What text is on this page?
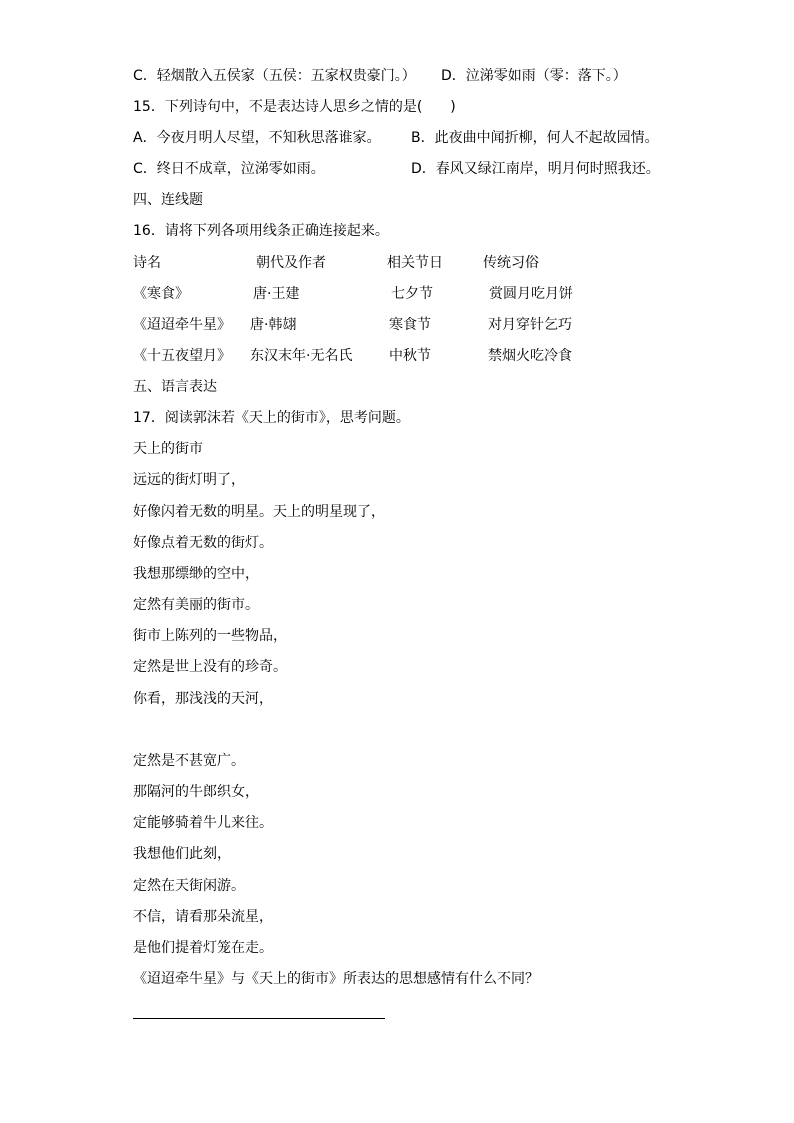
C．轻烟散入五侯家（五侯：五家权贵豪门。） D．泣涕零如雨（零：落下。）
15．下列诗句中，不是表达诗人思乡之情的是(　　)
A．今夜月明人尽望，不知秋思落谁家。 B．此夜曲中闻折柳，何人不起故园情。
C．终日不成章，泣涕零如雨。	D．春风又绿江南岸，明月何时照我还。
四、连线题
16．请将下列各项用线条正确连接起来。
诗名	朝代及作者	相关节日	传统习俗
《寒食》	唐·王建	七夕节	赏圆月吃月饼
《迢迢牵牛星》 唐·韩翃	寒食节	对月穿针乞巧
《十五夜望月》 东汉末年·无名氏	中秋节	禁烟火吃冷食
五、语言表达
17．阅读郭沫若《天上的街市》，思考问题。
天上的街市
远远的街灯明了，
好像闪着无数的明星。天上的明星现了，
好像点着无数的街灯。
我想那缥缈的空中，
定然有美丽的街市。
街市上陈列的一些物品，
定然是世上没有的珍奇。
你看，那浅浅的天河，
定然是不甚宽广。
那隔河的牛郎织女，
定能够骑着牛儿来往。
我想他们此刻，
定然在天街闲游。
不信，请看那朵流星，
是他们提着灯笼在走。
《迢迢牵牛星》与《天上的街市》所表达的思想感情有什么不同？
